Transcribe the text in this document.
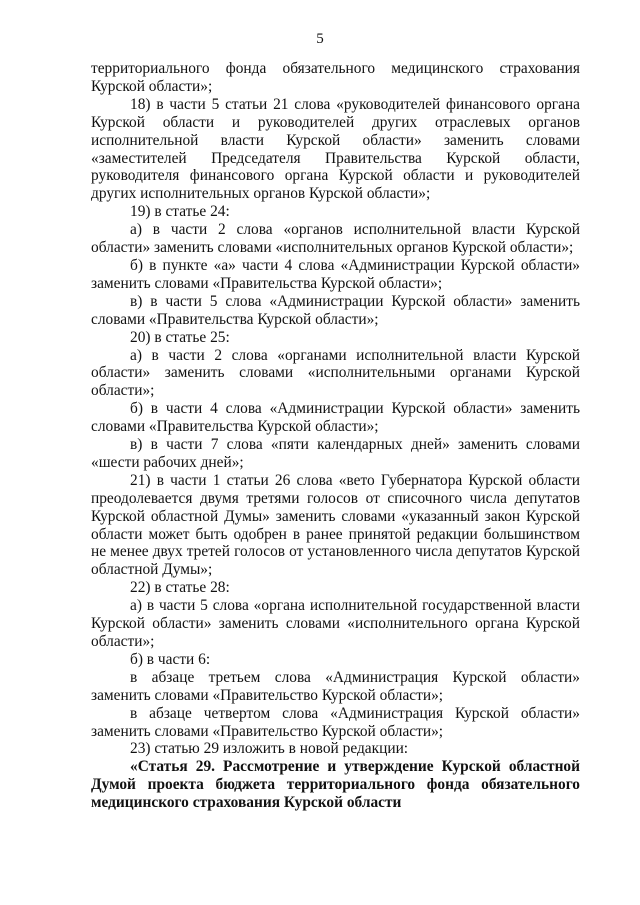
5

территориального фонда обязательного медицинского страхования Курской области»;

18) в части 5 статьи 21 слова «руководителей финансового органа Курской области и руководителей других отраслевых органов исполнительной власти Курской области» заменить словами «заместителей Председателя Правительства Курской области, руководителя финансового органа Курской области и руководителей других исполнительных органов Курской области»;

19) в статье 24:

а) в части 2 слова «органов исполнительной власти Курской области» заменить словами «исполнительных органов Курской области»;

б) в пункте «а» части 4 слова «Администрации Курской области» заменить словами «Правительства Курской области»;

в) в части 5 слова «Администрации Курской области» заменить словами «Правительства Курской области»;

20) в статье 25:

а) в части 2 слова «органами исполнительной власти Курской области» заменить словами «исполнительными органами Курской области»;

б) в части 4 слова «Администрации Курской области» заменить словами «Правительства Курской области»;

в) в части 7 слова «пяти календарных дней» заменить словами «шести рабочих дней»;

21) в части 1 статьи 26 слова «вето Губернатора Курской области преодолевается двумя третями голосов от списочного числа депутатов Курской областной Думы» заменить словами «указанный закон Курской области может быть одобрен в ранее принятой редакции большинством не менее двух третей голосов от установленного числа депутатов Курской областной Думы»;

22) в статье 28:

а) в части 5 слова «органа исполнительной государственной власти Курской области» заменить словами «исполнительного органа Курской области»;

б) в части 6:

в абзаце третьем слова «Администрация Курской области» заменить словами «Правительство Курской области»;

в абзаце четвертом слова «Администрация Курской области» заменить словами «Правительство Курской области»;

23) статью 29 изложить в новой редакции:

«Статья 29. Рассмотрение и утверждение Курской областной Думой проекта бюджета территориального фонда обязательного медицинского страхования Курской области
